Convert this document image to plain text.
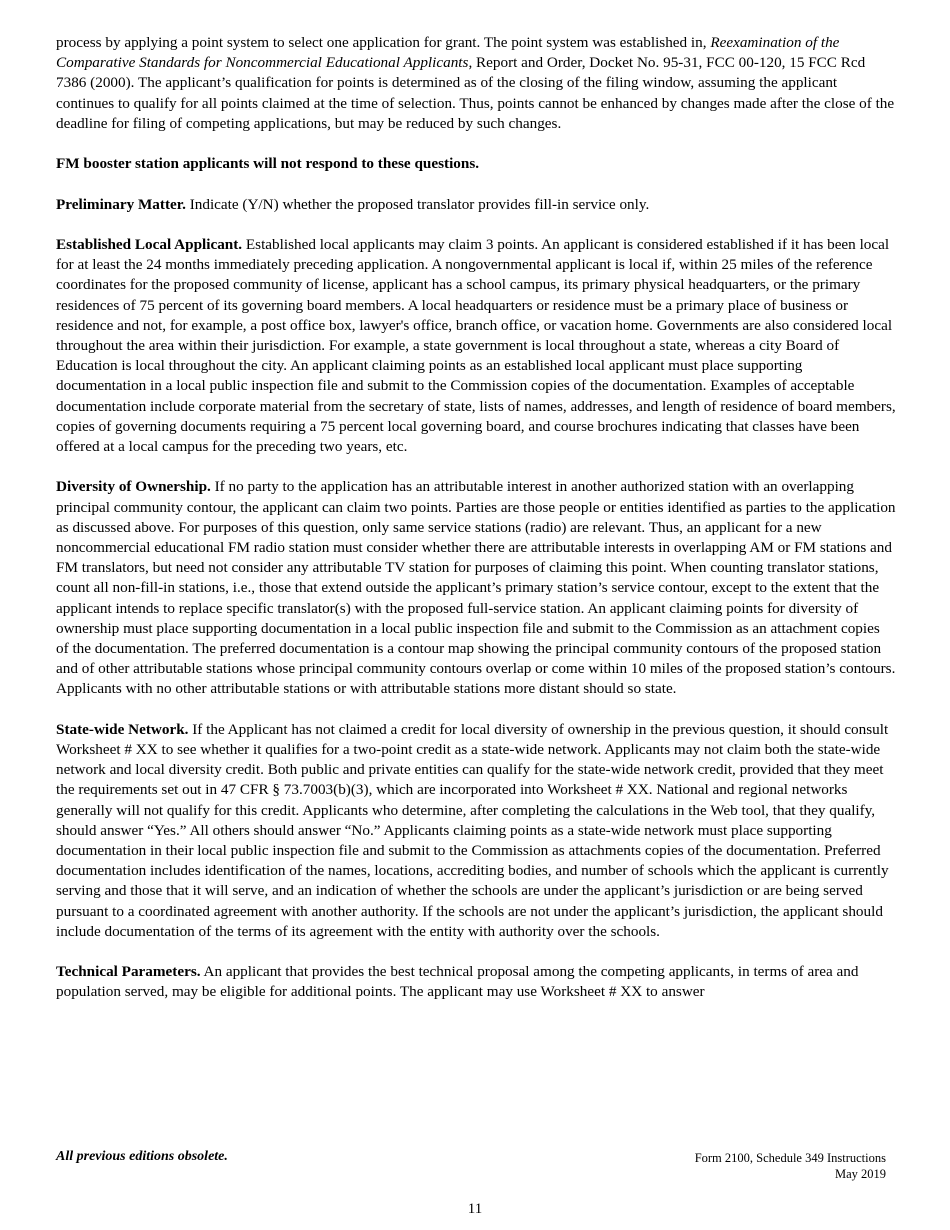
process by applying a point system to select one application for grant. The point system was established in, Reexamination of the Comparative Standards for Noncommercial Educational Applicants, Report and Order, Docket No. 95-31, FCC 00-120, 15 FCC Rcd 7386 (2000). The applicant’s qualification for points is determined as of the closing of the filing window, assuming the applicant continues to qualify for all points claimed at the time of selection. Thus, points cannot be enhanced by changes made after the close of the deadline for filing of competing applications, but may be reduced by such changes.

FM booster station applicants will not respond to these questions.

Preliminary Matter. Indicate (Y/N) whether the proposed translator provides fill-in service only.

Established Local Applicant. Established local applicants may claim 3 points. An applicant is considered established if it has been local for at least the 24 months immediately preceding application. A nongovernmental applicant is local if, within 25 miles of the reference coordinates for the proposed community of license, applicant has a school campus, its primary physical headquarters, or the primary residences of 75 percent of its governing board members. A local headquarters or residence must be a primary place of business or residence and not, for example, a post office box, lawyer's office, branch office, or vacation home. Governments are also considered local throughout the area within their jurisdiction. For example, a state government is local throughout a state, whereas a city Board of Education is local throughout the city. An applicant claiming points as an established local applicant must place supporting documentation in a local public inspection file and submit to the Commission copies of the documentation. Examples of acceptable documentation include corporate material from the secretary of state, lists of names, addresses, and length of residence of board members, copies of governing documents requiring a 75 percent local governing board, and course brochures indicating that classes have been offered at a local campus for the preceding two years, etc.

Diversity of Ownership. If no party to the application has an attributable interest in another authorized station with an overlapping principal community contour, the applicant can claim two points. Parties are those people or entities identified as parties to the application as discussed above. For purposes of this question, only same service stations (radio) are relevant. Thus, an applicant for a new noncommercial educational FM radio station must consider whether there are attributable interests in overlapping AM or FM stations and FM translators, but need not consider any attributable TV station for purposes of claiming this point. When counting translator stations, count all non-fill-in stations, i.e., those that extend outside the applicant’s primary station’s service contour, except to the extent that the applicant intends to replace specific translator(s) with the proposed full-service station. An applicant claiming points for diversity of ownership must place supporting documentation in a local public inspection file and submit to the Commission as an attachment copies of the documentation. The preferred documentation is a contour map showing the principal community contours of the proposed station and of other attributable stations whose principal community contours overlap or come within 10 miles of the proposed station’s contours. Applicants with no other attributable stations or with attributable stations more distant should so state.

State-wide Network. If the Applicant has not claimed a credit for local diversity of ownership in the previous question, it should consult Worksheet # XX to see whether it qualifies for a two-point credit as a state-wide network. Applicants may not claim both the state-wide network and local diversity credit. Both public and private entities can qualify for the state-wide network credit, provided that they meet the requirements set out in 47 CFR § 73.7003(b)(3), which are incorporated into Worksheet # XX. National and regional networks generally will not qualify for this credit. Applicants who determine, after completing the calculations in the Web tool, that they qualify, should answer “Yes.” All others should answer “No.” Applicants claiming points as a state-wide network must place supporting documentation in their local public inspection file and submit to the Commission as attachments copies of the documentation. Preferred documentation includes identification of the names, locations, accrediting bodies, and number of schools which the applicant is currently serving and those that it will serve, and an indication of whether the schools are under the applicant’s jurisdiction or are being served pursuant to a coordinated agreement with another authority. If the schools are not under the applicant’s jurisdiction, the applicant should include documentation of the terms of its agreement with the entity with authority over the schools.

Technical Parameters. An applicant that provides the best technical proposal among the competing applicants, in terms of area and population served, may be eligible for additional points. The applicant may use Worksheet # XX to answer

All previous editions obsolete.	Form 2100, Schedule 349 Instructions
May 2019
11
